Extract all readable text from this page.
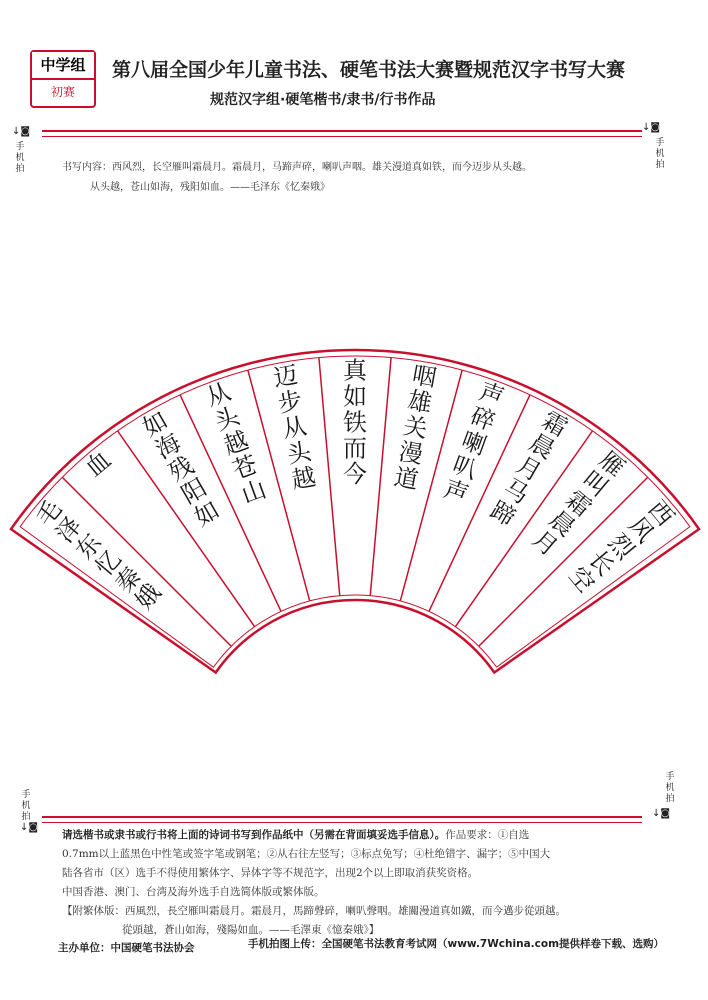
中学组
初赛
第八届全国少年儿童书法、硬笔书法大赛暨规范汉字书写大赛
规范汉字组·硬笔楷书/隶书/行书作品
↓◙
手机拍
↓◙
手机拍
手机拍
↓◙
手机拍
↓◙
书写内容：西风烈，长空雁叫霜晨月。霜晨月，马蹄声碎，喇叭声咽。雄关漫道真如铁，而今迈步从头越。
从头越，苍山如海，残阳如血。——毛泽东《忆秦娥》
西
风
烈
长
空
雁
叫
霜
晨
月
霜
晨
月
马
蹄
声
碎
喇
叭
声
咽
雄
关
漫
道
真
如
铁
而
今
迈
步
从
头
越
从
头
越
苍
山
如
海
残
阳
如
血
毛
泽
东
忆
秦
娥
请选楷书或隶书或行书将上面的诗词书写到作品纸中（另需在背面填妥选手信息）。作品要求：①自选
0.7mm以上蓝黑色中性笔或签字笔或钢笔；②从右往左竖写；③标点免写；④杜绝错字、漏字；⑤中国大
陆各省市（区）选手不得使用繁体字、异体字等不规范字，出现2个以上即取消获奖资格。
中国香港、澳门、台湾及海外选手自选简体版或繁体版。
【附繁体版：西風烈，長空雁叫霜晨月。霜晨月，馬蹄聲碎，喇叭聲咽。雄關漫道真如鐵，而今邁步從頭越。
從頭越，蒼山如海，殘陽如血。——毛澤東《憶秦娥》】
主办单位：中国硬笔书法协会	手机拍图上传：全国硬笔书法教育考试网（www.7Wchina.com提供样卷下载、选购）
